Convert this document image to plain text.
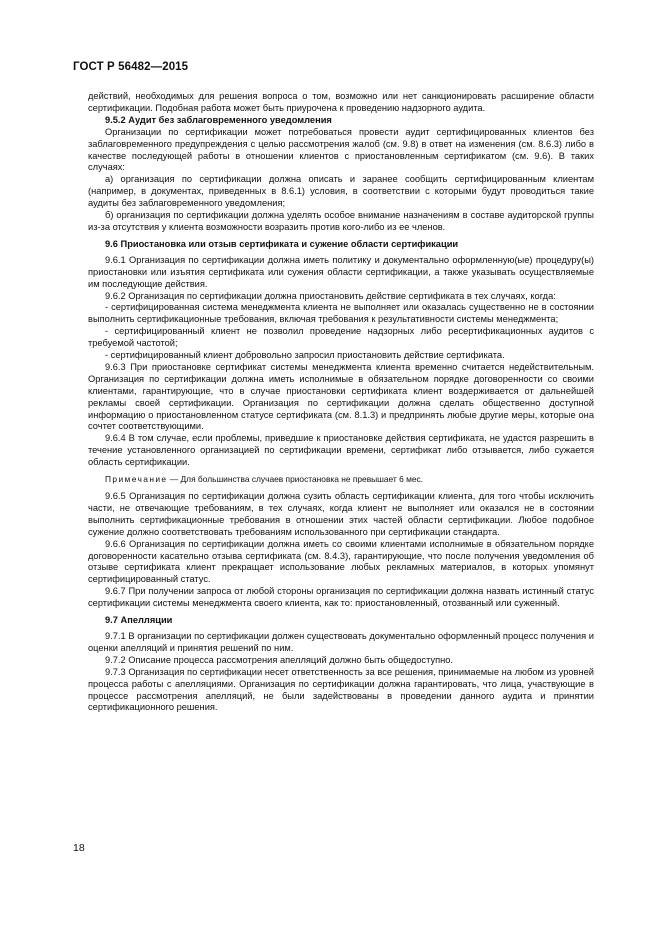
ГОСТ Р 56482—2015

действий, необходимых для решения вопроса о том, возможно или нет санкционировать расширение области сертификации. Подобная работа может быть приурочена к проведению надзорного аудита.

9.5.2 Аудит без заблаговременного уведомления

Организации по сертификации может потребоваться провести аудит сертифицированных клиентов без заблаговременного предупреждения с целью рассмотрения жалоб (см. 9.8) в ответ на изменения (см. 8.6.3) либо в качестве последующей работы в отношении клиентов с приостановленным сертификатом (см. 9.6). В таких случаях:

а) организация по сертификации должна описать и заранее сообщить сертифицированным клиентам (например, в документах, приведенных в 8.6.1) условия, в соответствии с которыми будут проводиться такие аудиты без заблаговременного уведомления;

б) организация по сертификации должна уделять особое внимание назначениям в составе аудиторской группы из-за отсутствия у клиента возможности возразить против кого-либо из ее членов.

9.6 Приостановка или отзыв сертификата и сужение области сертификации

9.6.1 Организация по сертификации должна иметь политику и документально оформленную(ые) процедуру(ы) приостановки или изъятия сертификата или сужения области сертификации, а также указывать осуществляемые им последующие действия.

9.6.2 Организация по сертификации должна приостановить действие сертификата в тех случаях, когда:

- сертифицированная система менеджмента клиента не выполняет или оказалась существенно не в состоянии выполнить сертификационные требования, включая требования к результативности системы менеджмента;

- сертифицированный клиент не позволил проведение надзорных либо ресертификационных аудитов с требуемой частотой;

- сертифицированный клиент добровольно запросил приостановить действие сертификата.

9.6.3 При приостановке сертификат системы менеджмента клиента временно считается недействительным. Организация по сертификации должна иметь исполнимые в обязательном порядке договоренности со своими клиентами, гарантирующие, что в случае приостановки сертификата клиент воздерживается от дальнейшей рекламы своей сертификации. Организация по сертификации должна сделать общественно доступной информацию о приостановленном статусе сертификата (см. 8.1.3) и предпринять любые другие меры, которые она сочтет соответствующими.

9.6.4 В том случае, если проблемы, приведшие к приостановке действия сертификата, не удастся разрешить в течение установленного организацией по сертификации времени, сертификат либо отзывается, либо сужается область сертификации.

Примечание — Для большинства случаев приостановка не превышает 6 мес.

9.6.5 Организация по сертификации должна сузить область сертификации клиента, для того чтобы исключить части, не отвечающие требованиям, в тех случаях, когда клиент не выполняет или оказался не в состоянии выполнить сертификационные требования в отношении этих частей области сертификации. Любое подобное сужение должно соответствовать требованиям использованного при сертификации стандарта.

9.6.6 Организация по сертификации должна иметь со своими клиентами исполнимые в обязательном порядке договоренности касательно отзыва сертификата (см. 8.4.3), гарантирующие, что после получения уведомления об отзыве сертификата клиент прекращает использование любых рекламных материалов, в которых упомянут сертифицированный статус.

9.6.7 При получении запроса от любой стороны организация по сертификации должна назвать истинный статус сертификации системы менеджмента своего клиента, как то: приостановленный, отозванный или суженный.

9.7 Апелляции

9.7.1 В организации по сертификации должен существовать документально оформленный процесс получения и оценки апелляций и принятия решений по ним.

9.7.2 Описание процесса рассмотрения апелляций должно быть общедоступно.

9.7.3 Организация по сертификации несет ответственность за все решения, принимаемые на любом из уровней процесса работы с апелляциями. Организация по сертификации должна гарантировать, что лица, участвующие в процессе рассмотрения апелляций, не были задействованы в проведении данного аудита и принятии сертификационного решения.

18
